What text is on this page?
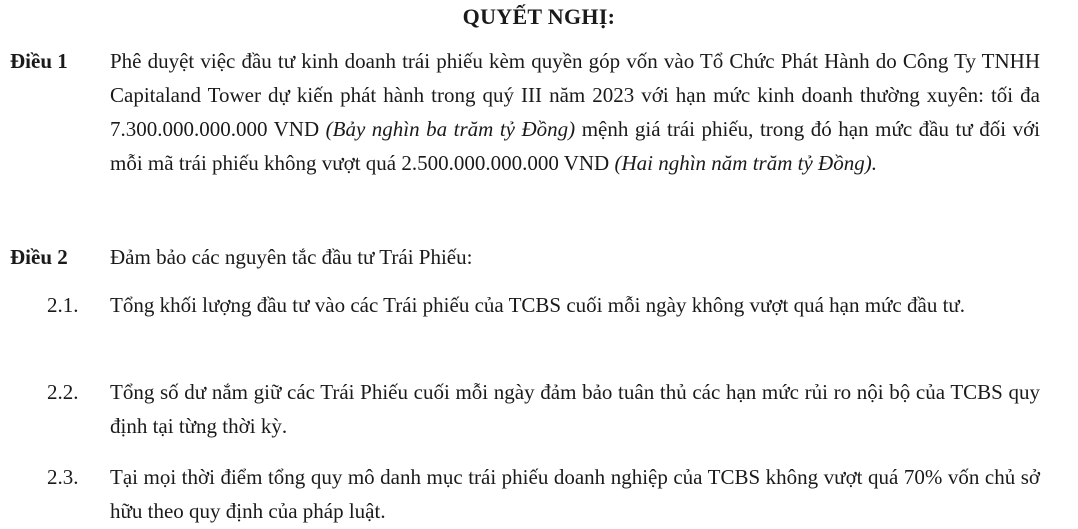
QUYẾT NGHỊ:
Điều 1 Phê duyệt việc đầu tư kinh doanh trái phiếu kèm quyền góp vốn vào Tổ Chức Phát Hành do Công Ty TNHH Capitaland Tower dự kiến phát hành trong quý III năm 2023 với hạn mức kinh doanh thường xuyên: tối đa 7.300.000.000.000 VND (Bảy nghìn ba trăm tỷ Đồng) mệnh giá trái phiếu, trong đó hạn mức đầu tư đối với mỗi mã trái phiếu không vượt quá 2.500.000.000.000 VND (Hai nghìn năm trăm tỷ Đồng).
Điều 2 Đảm bảo các nguyên tắc đầu tư Trái Phiếu:
2.1. Tổng khối lượng đầu tư vào các Trái phiếu của TCBS cuối mỗi ngày không vượt quá hạn mức đầu tư.
2.2. Tổng số dư nắm giữ các Trái Phiếu cuối mỗi ngày đảm bảo tuân thủ các hạn mức rủi ro nội bộ của TCBS quy định tại từng thời kỳ.
2.3. Tại mọi thời điểm tổng quy mô danh mục trái phiếu doanh nghiệp của TCBS không vượt quá 70% vốn chủ sở hữu theo quy định của pháp luật.
